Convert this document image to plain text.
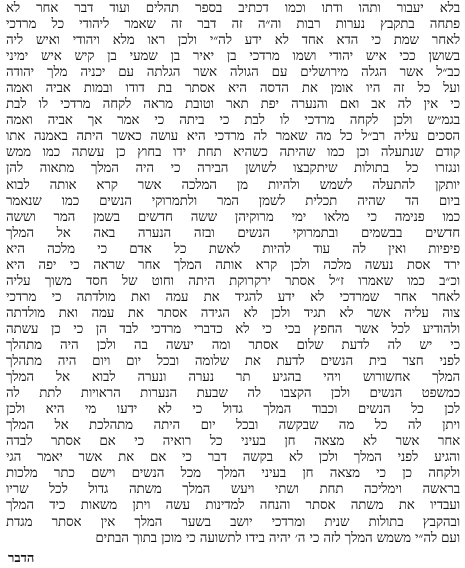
בלא יעבור ותהו ודתו וכמו דכתיב בספר תהלים ועוד דבר אחר לא
פתחה בתקבץ נערות רבות וה״ה זה דבר זה שאמר ליהודי כל מרדכי
לאחר שמת כי הדא אחד לא ידע לה״י ולכן ראו מלא ויהודי ואיש ליה
בשושן ככי איש יהודי ושמו מרדכי בן יאיר בן שמעי בן קיש איש ימיני
כב״ל אשר הגלה מירושלים עם הגולה אשר הגלתה עם יכניה מלך יהודה
ועל כל זה היו אומן את הדסה היא אסתר בת דודו ובמות אביה ואמה
כי אין לה אב ואם והנערה יפת תאר וטובת מראה לקחה מרדכי לו לבת
בגמ״ש ולכן לקחה מרדכי לו לבת כי ביתה כי אמר אך אביה ואמה
הסכים עליה רב״ל כל מה שאמר לה מרדכי היא עושה כאשר היתה באמנה אתו
קודם שנתעלה וכן כמו שהיתה כשהיא תחת ידו בחוץ כן עשתה כמו ממש
ונגזרו כל בתולות שיתקבצו לשושן הבירה כי היה המלך מתאוה להן
יותקן להתעלה לשמש ולהיות מן המלכה אשר קרא אותה לבוא
ביום הד שהיה תכלית לשמן המר ולתמרוקי הנשים כמו שנאמר
כמו פנימה כי מלאו ימי מרוקיהן ששה חדשים בשמן המר וששה
חדשים בבשמים ובתמרוקי הנשים ובזה הנערה באה אל המלך
פיפיות ואין לה עוד להיות לאשת כל אדם כי מלכה היא
ירד אסת נעשה מלכה ולכן קרא אותה המלך אחר שראה כי יפה היא
וכ״ב כמו שאמרו ז״ל אסתר ירקרוקת היתה וחוט של חסד משוך עליה
לאחר אחר שמרדכי לא ידע להגיד את עמה ואת מולדתה כי מרדכי
צוה עליה אשר לא תגיד ולכן לא הגידה אסתר את עמה ואת מולדתה
ולהודיע לכל אשר החפץ בכי כי לא כדברי מרדכי לבד הן כי כן עשתה
כי יש לה לדעת שלום אסתר ומה יעשה בה ולכן היה מתהלך
לפני חצר בית הנשים לדעת את שלומה ובכל יום ויום היה מתהלך
המלך אחשורוש ויהי בהגיע תר נערה ונערה לבוא אל המלך
כמשפט הנשים ולכן הקצבו לה שבעת הנערות הראויות לתת לה
לכן כל הנשים וכבוד המלך גדול כי לא ידעו מי היא ולכן
ויתן לה כל מה שבקשה ובכל יום היתה מתהלכת אל המלך
אחר אשר לא מצאה חן בעיני כל רואיה כי אם אסתר לבדה
והגיע לפני המלך ולכן לא בקשה דבר כי אם את אשר יאמר הגי
ולקחה כן כי מצאה חן בעיני המלך מכל הנשים וישם כתר מלכות
בראשה וימליכה תחת ושתי ויעש המלך משתה גדול לכל שריו
ועבדיו את משתה אסתר והנחה למדינות עשה ויתן משאות כיד המלך
ובהקבץ בתולות שנית ומרדכי יושב בשער המלך אין אסתר מגדת
ועם לה״י משמש המלך לזה כי ה׳ יהיה בידו לתשועה כי מוכן בתוך הבתים
הדבר
